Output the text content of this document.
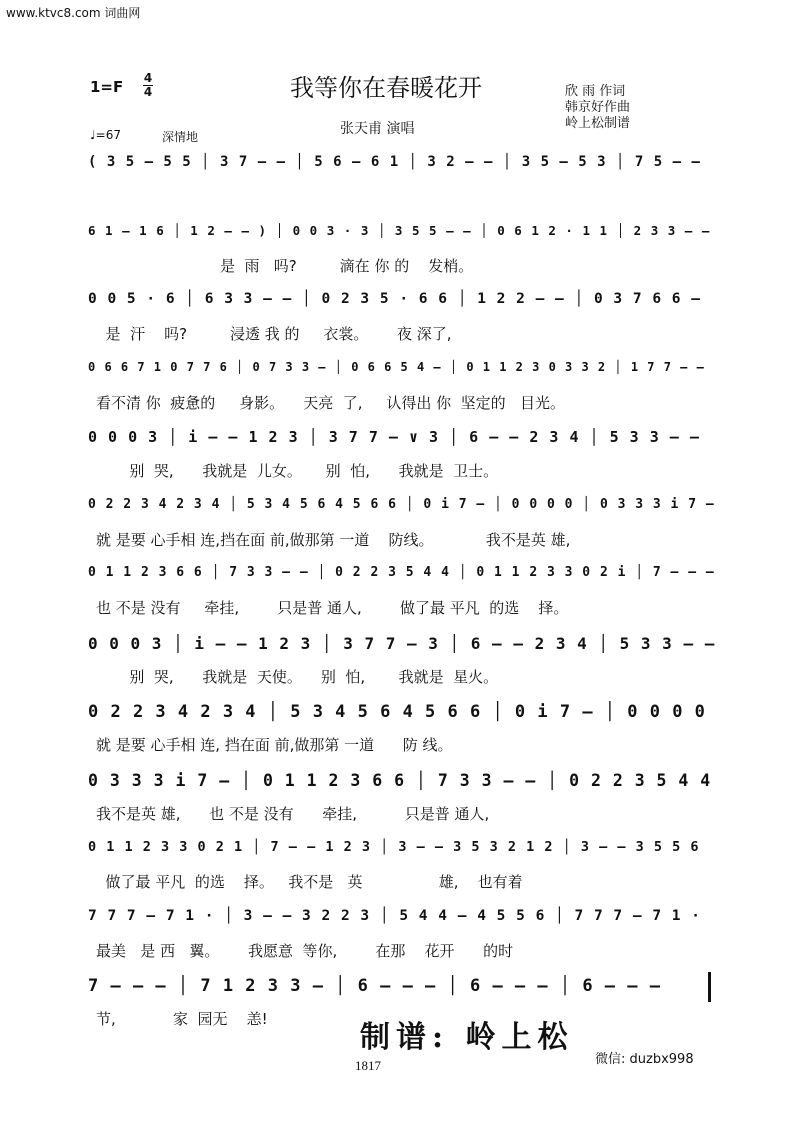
www.ktvc8.com 词曲网
1=F 4
4	我等你在春暖花开	欣 雨 作词
韩京好作曲
岭上松制谱
张天甫 演唱
♩=67	深情地
( 3 5 – 5 5 │ 3 7 – – │ 5 6 – 6 1 │ 3 2 – – │ 3 5 – 5 3 │ 7 5 – –
6 1 – 1 6 │ 1 2 – – ) │ 0 0 3 · 3 │ 3 5 5 – – │ 0 6 1 2 · 1 1 │ 2 3 3 – –
是  雨   吗?         滴在 你 的    发梢。
0 0 5 · 6 │ 6 3 3 – – │ 0 2 3 5 · 6 6 │ 1 2 2 – – │ 0 3 7 6 6 –
是  汗    吗?         浸透 我 的     衣裳。      夜 深了,
0 6 6 7 1 0 7 7 6 │ 0 7 3 3 – │ 0 6 6 5 4 – │ 0 1 1 2 3 0 3 3 2 │ 1 7 7 – –
看不清 你  疲惫的     身影。    天亮  了,     认得出 你  坚定的   目光。
0 0 0 3 │ i – – 1 2 3 │ 3 7 7 – ∨ 3 │ 6 – – 2 3 4 │ 5 3 3 – –
别  哭,      我就是  儿女。     别  怕,      我就是  卫士。
0 2 2 3 4 2 3 4 │ 5 3 4 5 6 4 5 6 6 │ 0 i 7 – │ 0 0 0 0 │ 0 3 3 3 i 7 –
就 是要 心手相 连,挡在面 前,做那第 一道    防线。           我不是英 雄,
0 1 1 2 3 6 6 │ 7 3 3 – – │ 0 2 2 3 5 4 4 │ 0 1 1 2 3 3 0 2 i │ 7 – – –
也 不是 没有     牵挂,        只是普 通人,        做了最 平凡  的选    择。
0 0 0 3 │ i – – 1 2 3 │ 3 7 7 – 3 │ 6 – – 2 3 4 │ 5 3 3 – –
别  哭,      我就是  天使。    别  怕,       我就是  星火。
0 2 2 3 4 2 3 4 │ 5 3 4 5 6 4 5 6 6 │ 0 i 7 – │ 0 0 0 0
就 是要 心手相 连, 挡在面 前,做那第 一道      防 线。
0 3 3 3 i 7 – │ 0 1 1 2 3 6 6 │ 7 3 3 – – │ 0 2 2 3 5 4 4
我不是英 雄,      也 不是 没有      牵挂,          只是普 通人,
0 1 1 2 3 3 0 2 1 │ 7 – – 1 2 3 │ 3 – – 3 5 3 2 1 2 │ 3 – – 3 5 5 6
做了最 平凡  的选    择。   我不是   英                雄,    也有着
7 7 7 – 7 1 · │ 3 – – 3 2 2 3 │ 5 4 4 – 4 5 5 6 │ 7 7 7 – 7 1 ·
最美   是 西   翼。      我愿意  等你,        在那    花开      的时
7 – – – │ 7 1 2 3 3 – │ 6 – – – │ 6 – – – │ 6 – – –
节,            家  园无    恙!
制谱: 岭上松
微信: duzbx998
1817
